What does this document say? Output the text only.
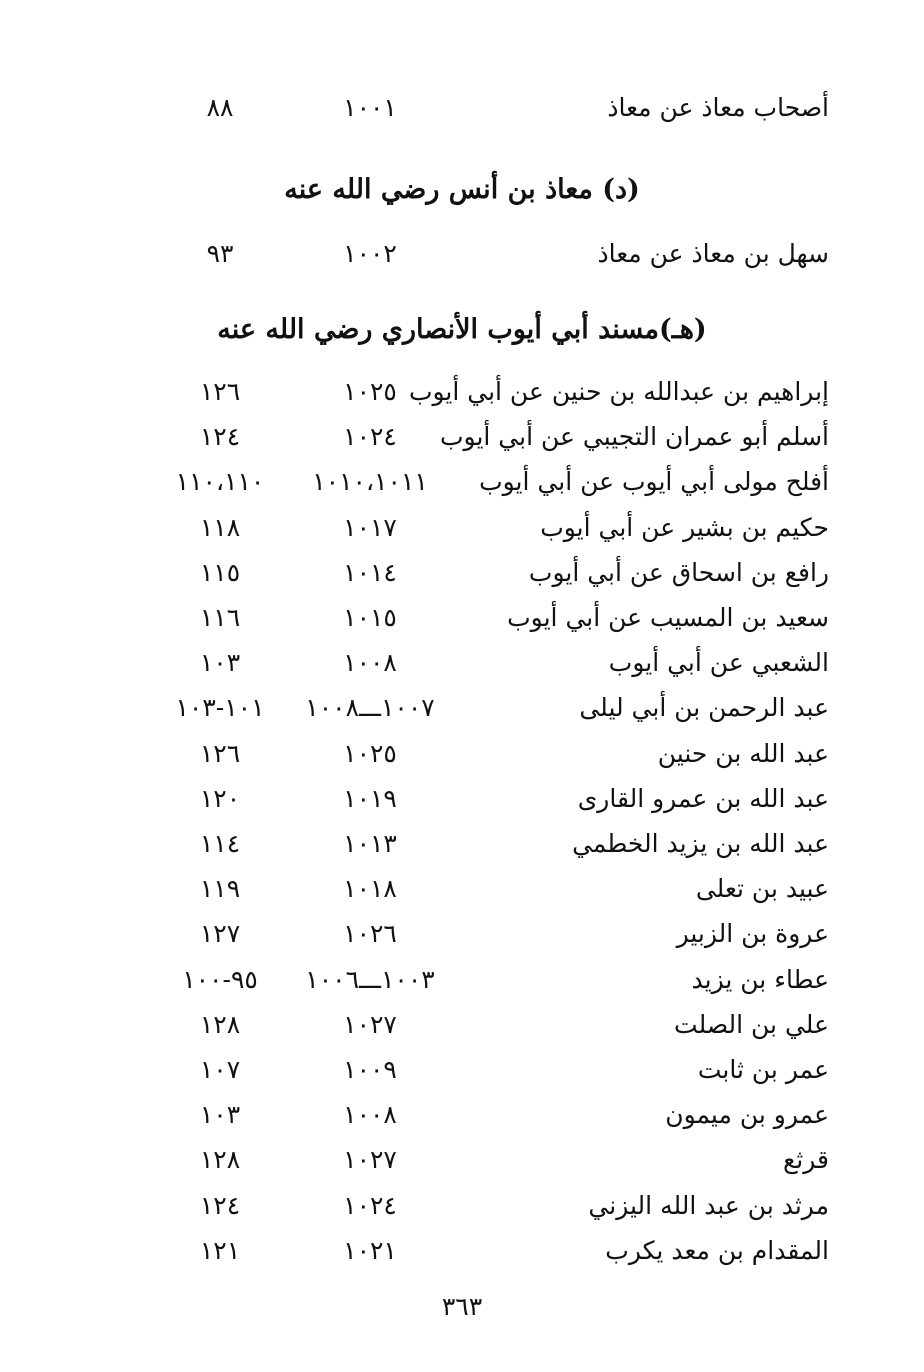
أصحاب معاذ عن معاذ
١٠٠١
٨٨
(د) معاذ بن أنس رضي الله عنه
سهل بن معاذ عن معاذ
١٠٠٢
٩٣
(هـ)مسند أبي أيوب الأنصاري رضي الله عنه
إبراهيم بن عبدالله بن حنين عن أبي أيوب
١٠٢٥
١٢٦
أسلم أبو عمران التجيبي عن أبي أيوب
١٠٢٤
١٢٤
أفلح مولى أبي أيوب عن أبي أيوب
١٠١٠،١٠١١
١١٠،١١٠
حكيم بن بشير عن أبي أيوب
١٠١٧
١١٨
رافع بن اسحاق عن أبي أيوب
١٠١٤
١١٥
سعيد بن المسيب عن أبي أيوب
١٠١٥
١١٦
الشعبي عن أبي أيوب
١٠٠٨
١٠٣
عبد الرحمن بن أبي ليلى
١٠٠٧ـــ١٠٠٨
١٠١-١٠٣
عبد الله بن حنين
١٠٢٥
١٢٦
عبد الله بن عمرو القارى
١٠١٩
١٢٠
عبد الله بن يزيد الخطمي
١٠١٣
١١٤
عبيد بن تعلى
١٠١٨
١١٩
عروة بن الزبير
١٠٢٦
١٢٧
عطاء بن يزيد
١٠٠٣ـــ١٠٠٦
٩٥-١٠٠
علي بن الصلت
١٠٢٧
١٢٨
عمر بن ثابت
١٠٠٩
١٠٧
عمرو بن ميمون
١٠٠٨
١٠٣
قرثع
١٠٢٧
١٢٨
مرثد بن عبد الله اليزني
١٠٢٤
١٢٤
المقدام بن معد يكرب
١٠٢١
١٢١
٣٦٣
